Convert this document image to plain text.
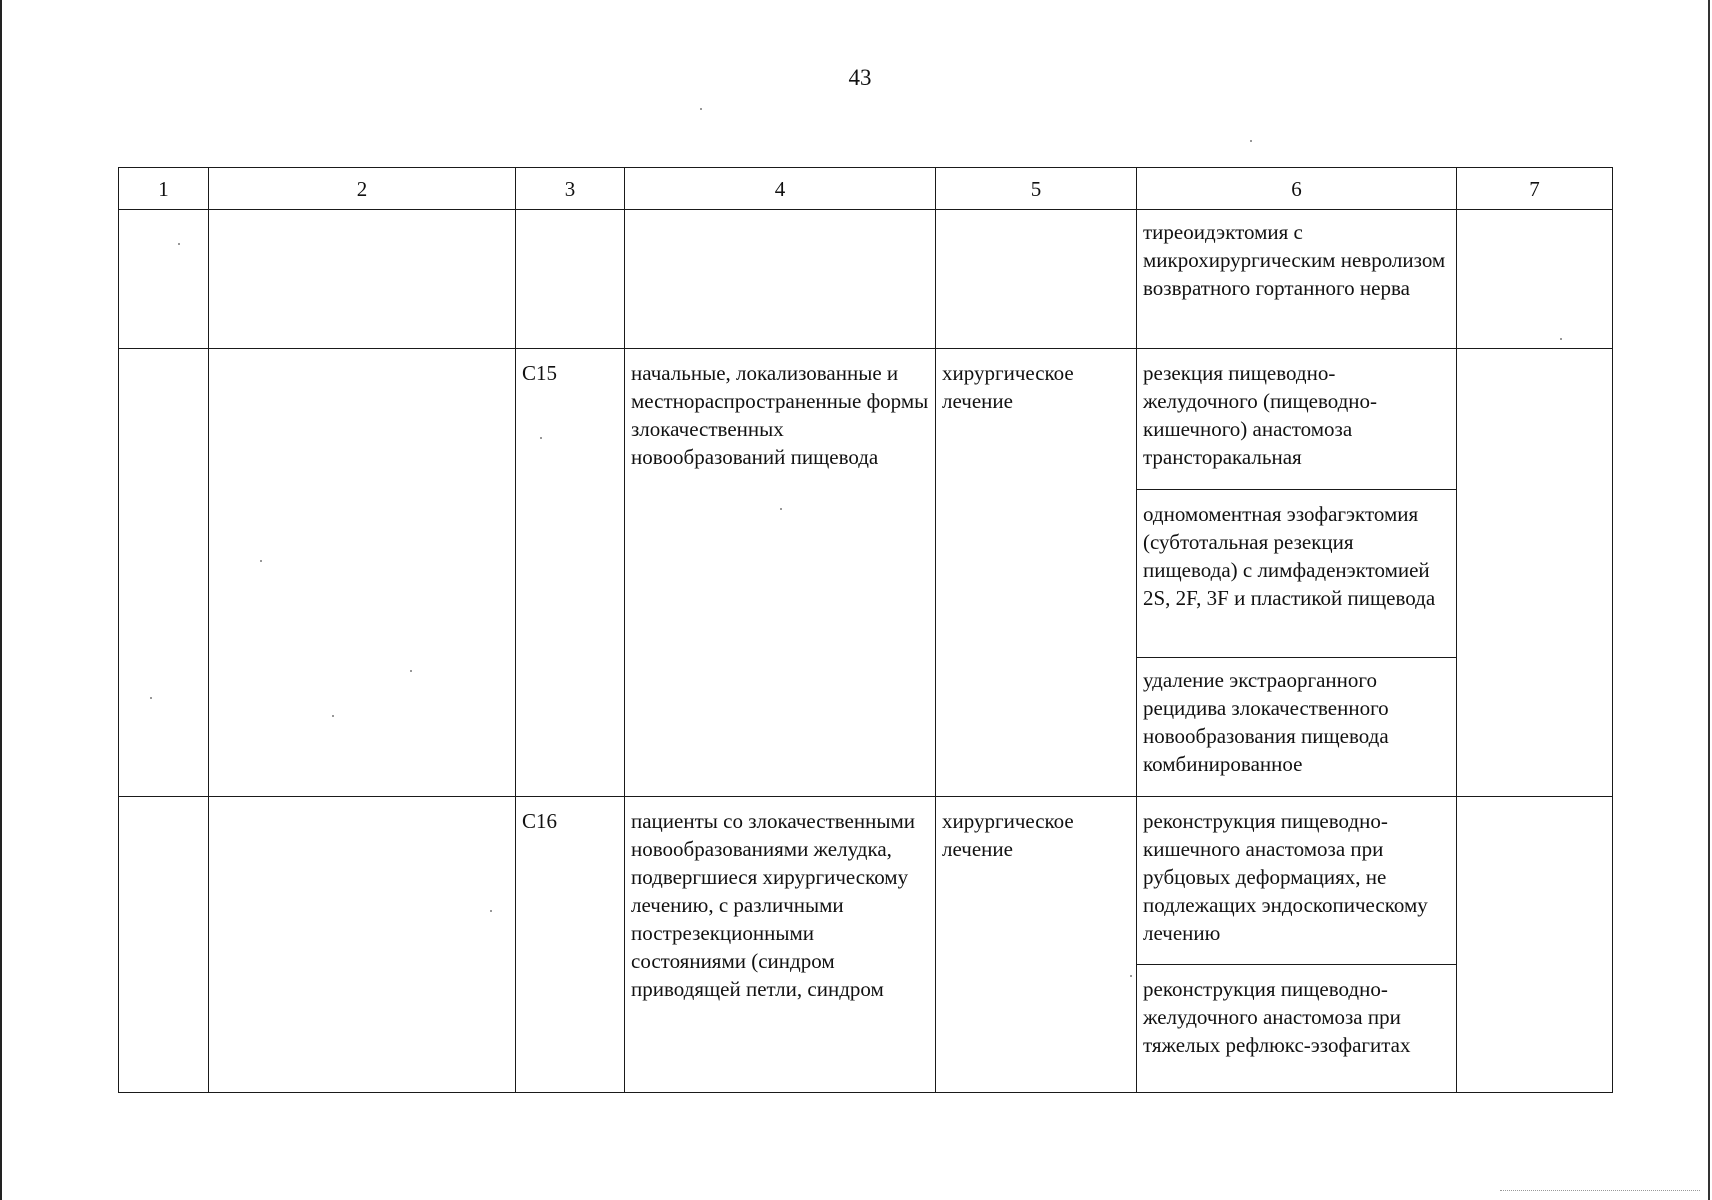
43
1	2	3	4	5	6	7

					тиреоидэктомия с микрохирургическим невролизом возвратного гортанного нерва	

		С15	начальные, локализованные и местнораспространенные формы злокачественных новообразований пищевода	хирургическое лечение	резекция пищеводно-желудочного (пищеводно-кишечного) анастомоза трансторакальная	

					одномоментная эзофагэктомия (субтотальная резекция пищевода) с лимфаденэктомией 2S, 2F, 3F и пластикой пищевода	

					удаление экстраорганного рецидива злокачественного новообразования пищевода комбинированное	

		С16	пациенты со злокачественными новообразованиями желудка, подвергшиеся хирургическому лечению, с различными пострезекционными состояниями (синдром приводящей петли, синдром	хирургическое лечение	реконструкция пищеводно-кишечного анастомоза при рубцовых деформациях, не подлежащих эндоскопическому лечению	

					реконструкция пищеводно-желудочного анастомоза при тяжелых рефлюкс-эзофагитах	
